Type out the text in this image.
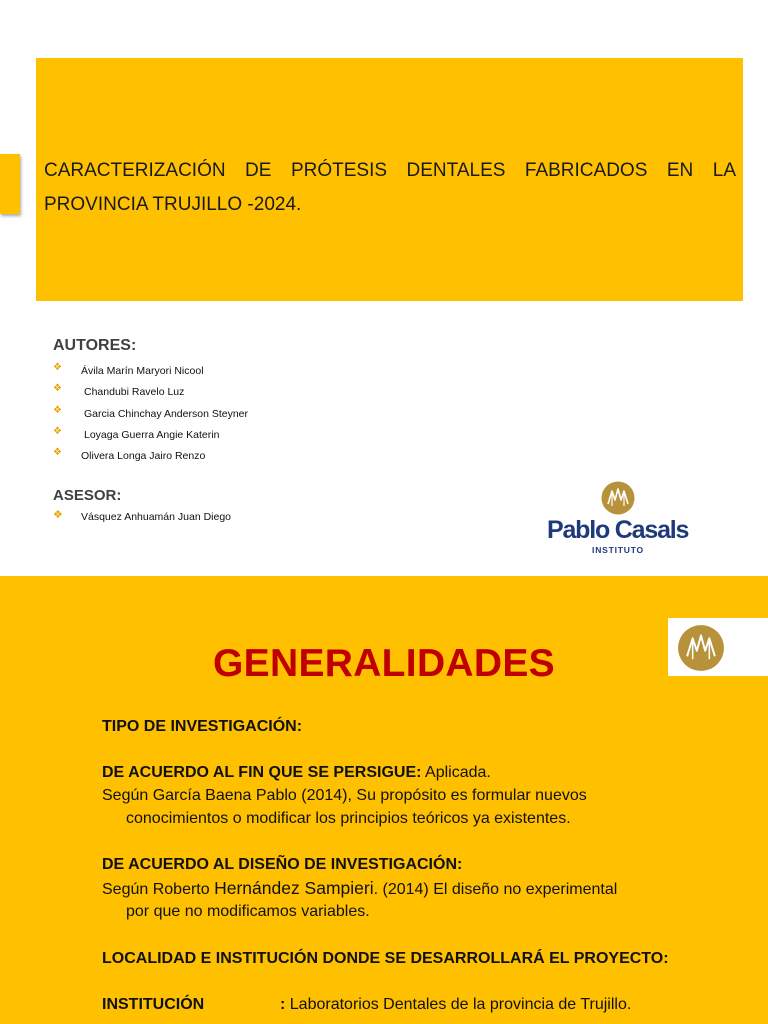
CARACTERIZACIÓN DE PRÓTESIS DENTALES FABRICADOS EN LA PROVINCIA TRUJILLO -2024.
AUTORES:
❖ Ávila Marín Maryori Nicool
❖ Chandubi Ravelo Luz
❖ Garcia Chinchay Anderson Steyner
❖ Loyaga Guerra Angie Katerin
❖ Olivera Longa Jairo Renzo
ASESOR:
❖ Vásquez Anhuamán Juan Diego	Pablo Casals
INSTITUTO
GENERALIDADES
TIPO DE INVESTIGACIÓN:
DE ACUERDO AL FIN QUE SE PERSIGUE: Aplicada.
Según García Baena Pablo (2014), Su propósito es formular nuevos
conocimientos o modificar los principios teóricos ya existentes.
DE ACUERDO AL DISEÑO DE INVESTIGACIÓN:
Según Roberto Hernández Sampieri. (2014) El diseño no experimental
por que no modificamos variables.
LOCALIDAD E INSTITUCIÓN DONDE SE DESARROLLARÁ EL PROYECTO:
INSTITUCIÓN	: Laboratorios Dentales de la provincia de Trujillo.
